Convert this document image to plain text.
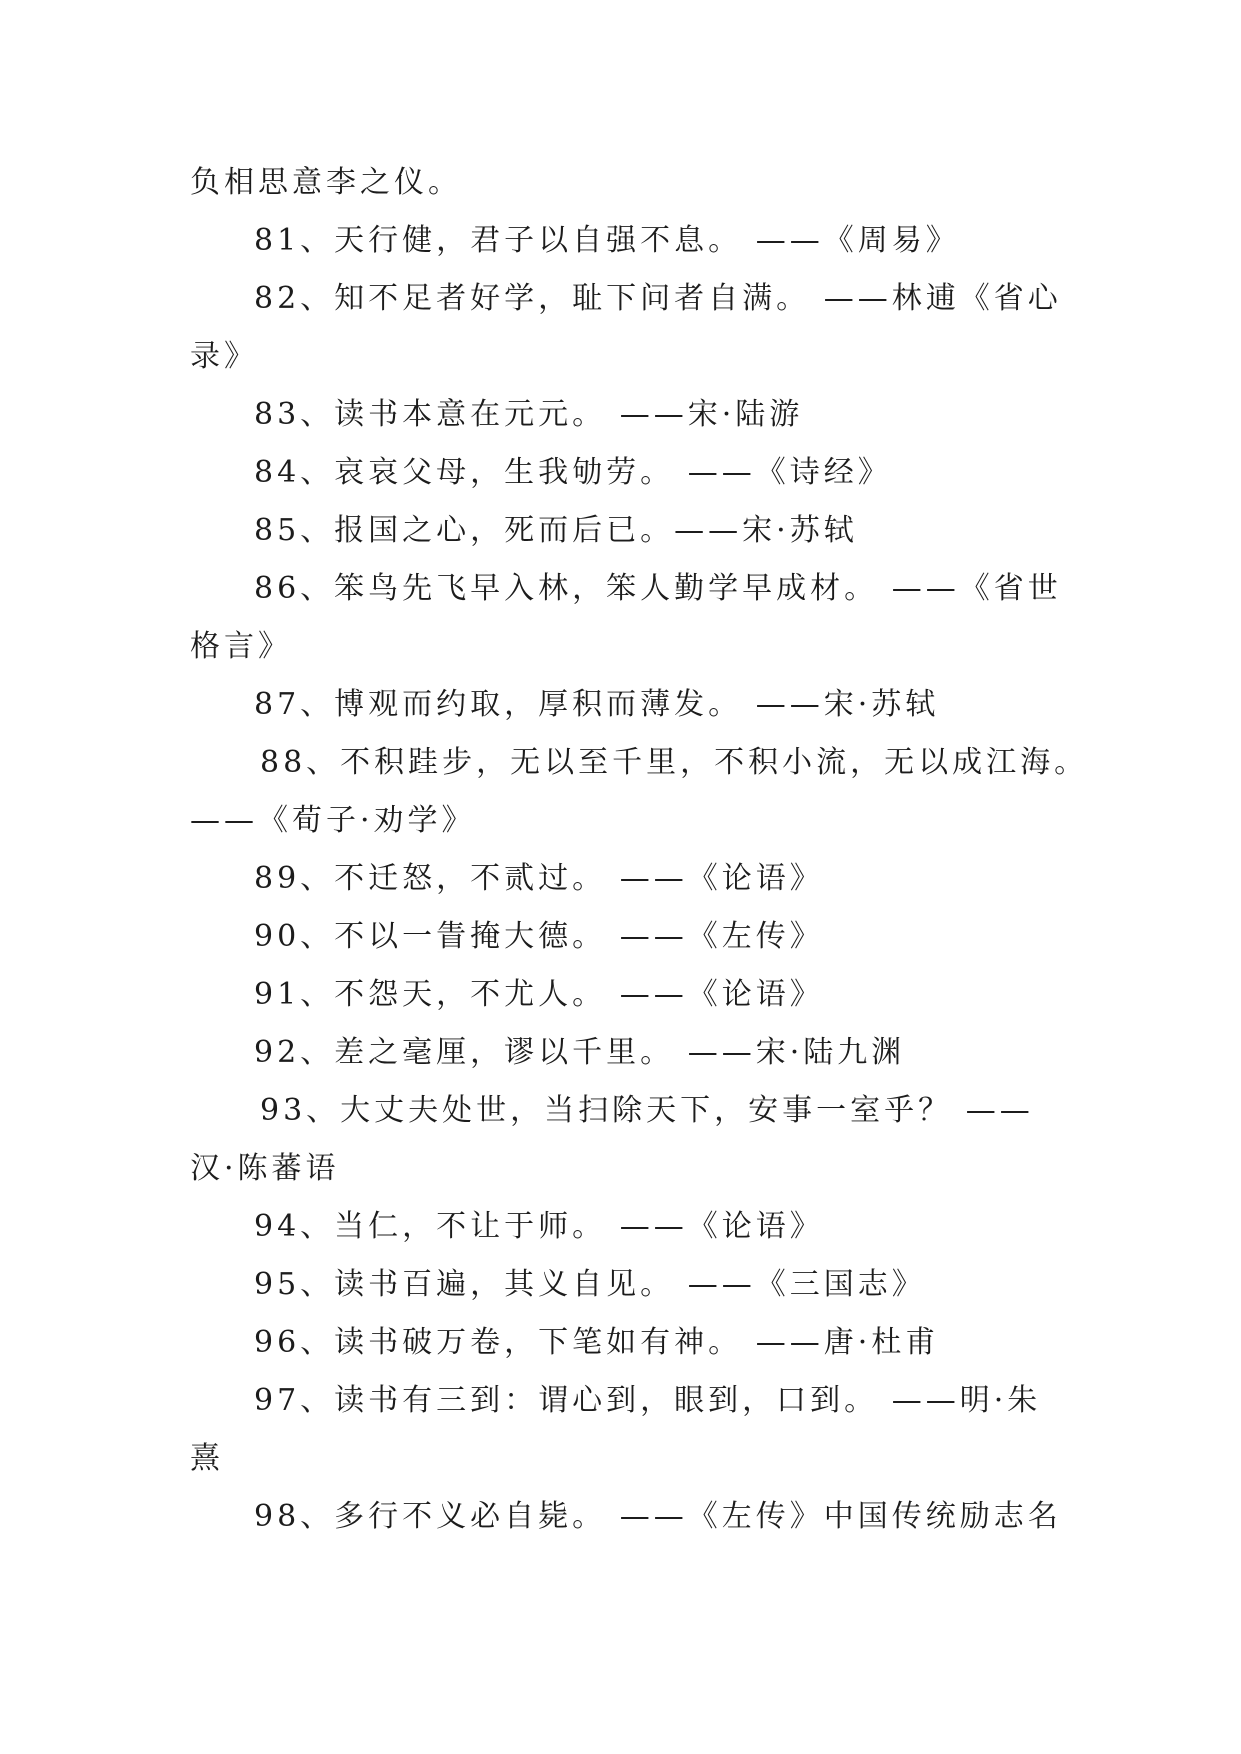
负相思意李之仪。
81、天行健，君子以自强不息。 ——《周易》
82、知不足者好学，耻下问者自满。 ——林逋《省心
录》
83、读书本意在元元。 ——宋·陆游
84、哀哀父母，生我劬劳。 ——《诗经》
85、报国之心，死而后已。——宋·苏轼
86、笨鸟先飞早入林，笨人勤学早成材。 ——《省世
格言》
87、博观而约取，厚积而薄发。 ——宋·苏轼
88、不积跬步，无以至千里，不积小流，无以成江海。
——《荀子·劝学》
89、不迁怒，不贰过。 ——《论语》
90、不以一眚掩大德。 ——《左传》
91、不怨天，不尤人。 ——《论语》
92、差之毫厘，谬以千里。 ——宋·陆九渊
93、大丈夫处世，当扫除天下，安事一室乎？ ——
汉·陈蕃语
94、当仁，不让于师。 ——《论语》
95、读书百遍，其义自见。 ——《三国志》
96、读书破万卷，下笔如有神。 ——唐·杜甫
97、读书有三到：谓心到，眼到，口到。 ——明·朱
熹
98、多行不义必自毙。 ——《左传》中国传统励志名
